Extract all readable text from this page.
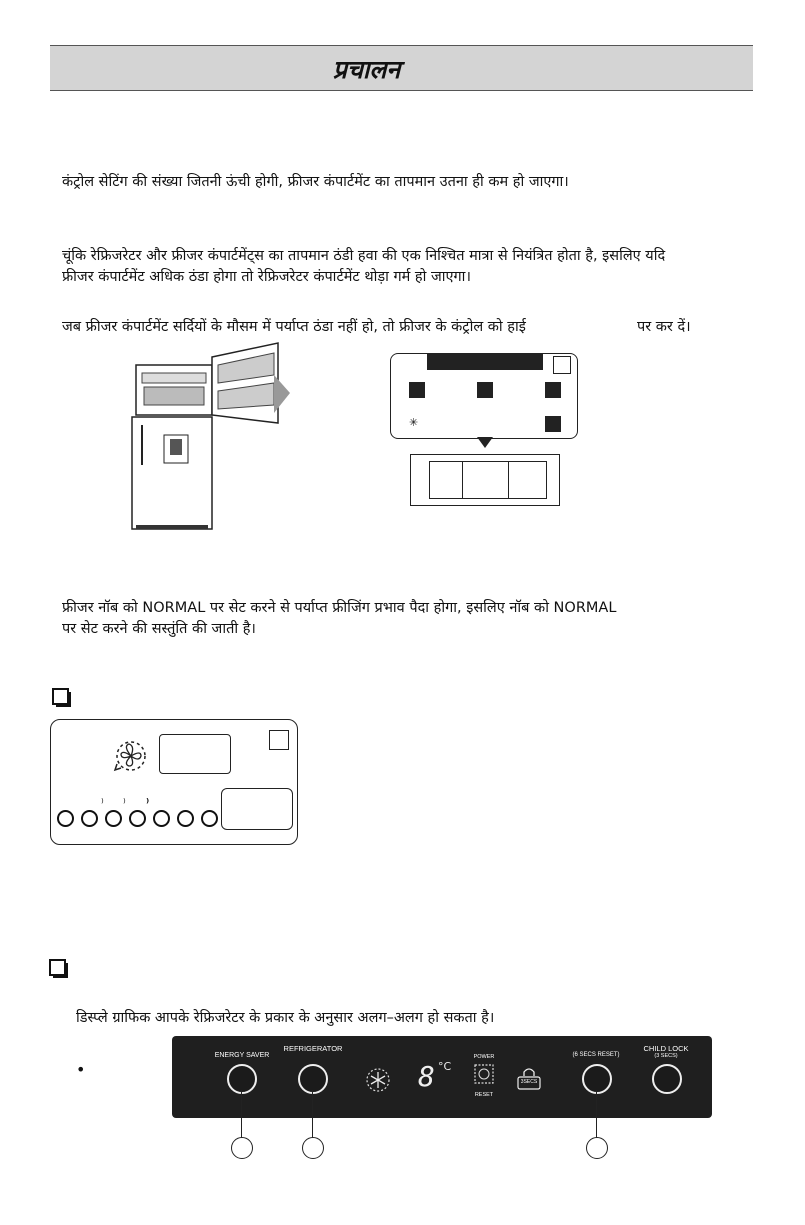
प्रचालन
कंट्रोल सेटिंग की संख्या जितनी ऊंची होगी, फ्रीजर कंपार्टमेंट का तापमान उतना ही कम हो जाएगा।
चूंकि रेफ्रिजरेटर और फ्रीजर कंपार्टमेंट्स का तापमान ठंडी हवा की एक निश्चित मात्रा से नियंत्रित होता है, इसलिए यदि
फ्रीजर कंपार्टमेंट अधिक ठंडा होगा तो रेफ्रिजरेटर कंपार्टमेंट थोड़ा गर्म हो जाएगा।
जब फ्रीजर कंपार्टमेंट सर्दियों के मौसम में पर्याप्त ठंडा नहीं हो, तो फ्रीजर के कंट्रोल को हाई	पर कर दें।
✳
फ्रीजर नॉब को NORMAL पर सेट करने से पर्याप्त फ्रीजिंग प्रभाव पैदा होगा, इसलिए नॉब को NORMAL
पर सेट करने की सस्तुंति की जाती है।
⁾ ⁾ ⁾
डिस्प्ले ग्राफिक आपके रेफ्रिजरेटर के प्रकार के अनुसार अलग–अलग हो सकता है।
•
ENERGY SAVER
REFRIGERATOR
8 °C
POWER
RESET
3SECS
(6 SECS RESET)
CHILD LOCK
(3 SECS)
